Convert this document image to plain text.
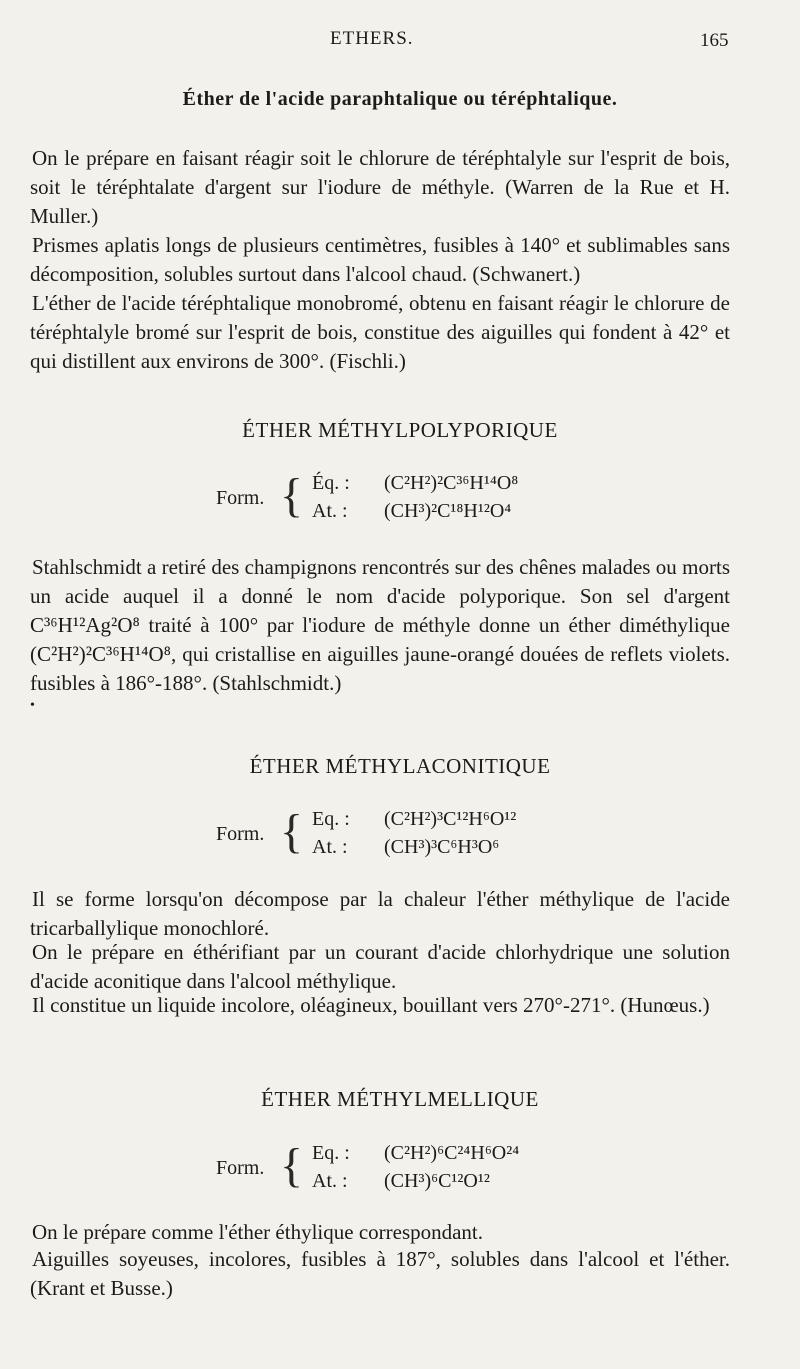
ETHERS.	165
Éther de l'acide paraphtalique ou téréphtalique.

On le prépare en faisant réagir soit le chlorure de téréphtalyle sur l'esprit de bois, soit le téréphtalate d'argent sur l'iodure de méthyle. (Warren de la Rue et H. Muller.)

Prismes aplatis longs de plusieurs centimètres, fusibles à 140° et sublimables sans décomposition, solubles surtout dans l'alcool chaud. (Schwanert.)

L'éther de l'acide téréphtalique monobromé, obtenu en faisant réagir le chlorure de téréphtalyle bromé sur l'esprit de bois, constitue des aiguilles qui fondent à 42° et qui distillent aux environs de 300°. (Fischli.)

ÉTHER MÉTHYLPOLYPORIQUE
Form. { Éq. :	(C²H²)²C³⁶H¹⁴O⁸
At. :	(CH³)²C¹⁸H¹²O⁴

Stahlschmidt a retiré des champignons rencontrés sur des chênes malades ou morts un acide auquel il a donné le nom d'acide polyporique. Son sel d'argent C³⁶H¹²Ag²O⁸ traité à 100° par l'iodure de méthyle donne un éther diméthylique (C²H²)²C³⁶H¹⁴O⁸, qui cristallise en aiguilles jaune-orangé douées de reflets violets. fusibles à 186°-188°. (Stahlschmidt.)

•
ÉTHER MÉTHYLACONITIQUE
Form. { Eq. :	(C²H²)³C¹²H⁶O¹²
At. :	(CH³)³C⁶H³O⁶

Il se forme lorsqu'on décompose par la chaleur l'éther méthylique de l'acide tricarballylique monochloré.

On le prépare en éthérifiant par un courant d'acide chlorhydrique une solution d'acide aconitique dans l'alcool méthylique.

Il constitue un liquide incolore, oléagineux, bouillant vers 270°-271°. (Hunœus.)

ÉTHER MÉTHYLMELLIQUE
Form. { Eq. :	(C²H²)⁶C²⁴H⁶O²⁴
At. :	(CH³)⁶C¹²O¹²

On le prépare comme l'éther éthylique correspondant.

Aiguilles soyeuses, incolores, fusibles à 187°, solubles dans l'alcool et l'éther. (Krant et Busse.)
